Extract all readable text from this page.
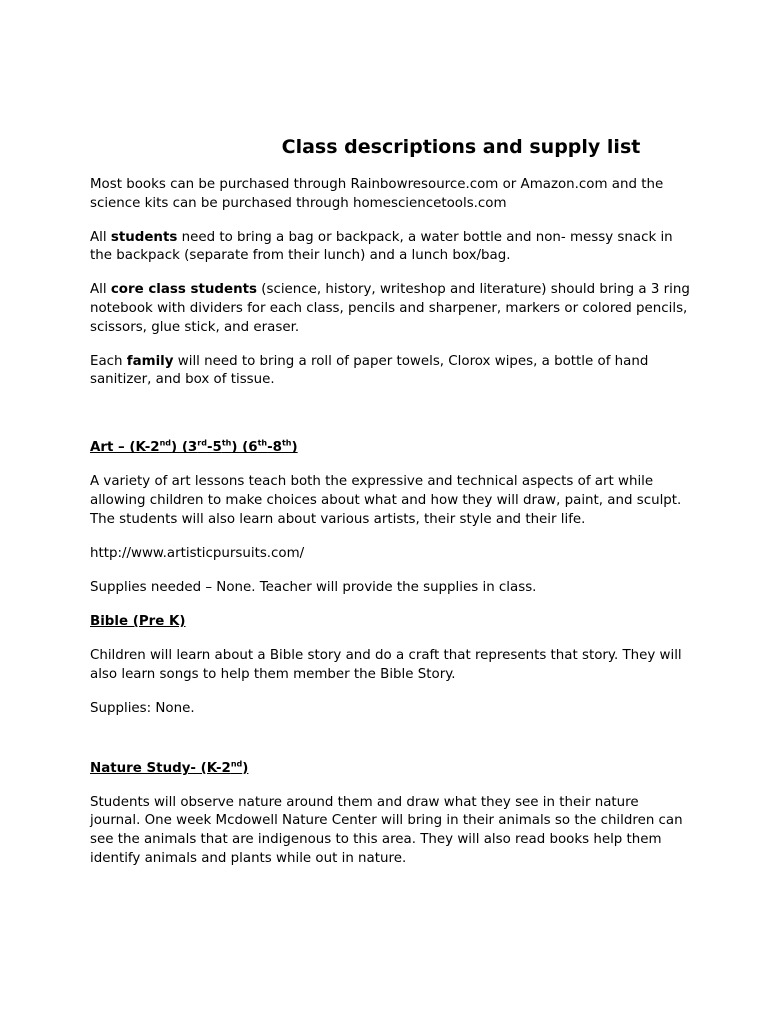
Class descriptions and supply list

Most books can be purchased through Rainbowresource.com or Amazon.com and the science kits can be purchased through homesciencetools.com

All students need to bring a bag or backpack, a water bottle and non- messy snack in the backpack (separate from their lunch) and a lunch box/bag.

All core class students (science, history, writeshop and literature) should bring a 3 ring notebook with dividers for each class, pencils and sharpener, markers or colored pencils, scissors, glue stick, and eraser.

Each family will need to bring a roll of paper towels, Clorox wipes, a bottle of hand sanitizer, and box of tissue.

Art – (K-2nd) (3rd-5th) (6th-8th)

A variety of art lessons teach both the expressive and technical aspects of art while allowing children to make choices about what and how they will draw, paint, and sculpt. The students will also learn about various artists, their style and their life.

http://www.artisticpursuits.com/

Supplies needed – None. Teacher will provide the supplies in class.

Bible (Pre K)

Children will learn about a Bible story and do a craft that represents that story. They will also learn songs to help them member the Bible Story.

Supplies: None.

Nature Study- (K-2nd)

Students will observe nature around them and draw what they see in their nature journal. One week Mcdowell Nature Center will bring in their animals so the children can see the animals that are indigenous to this area. They will also read books help them identify animals and plants while out in nature.
